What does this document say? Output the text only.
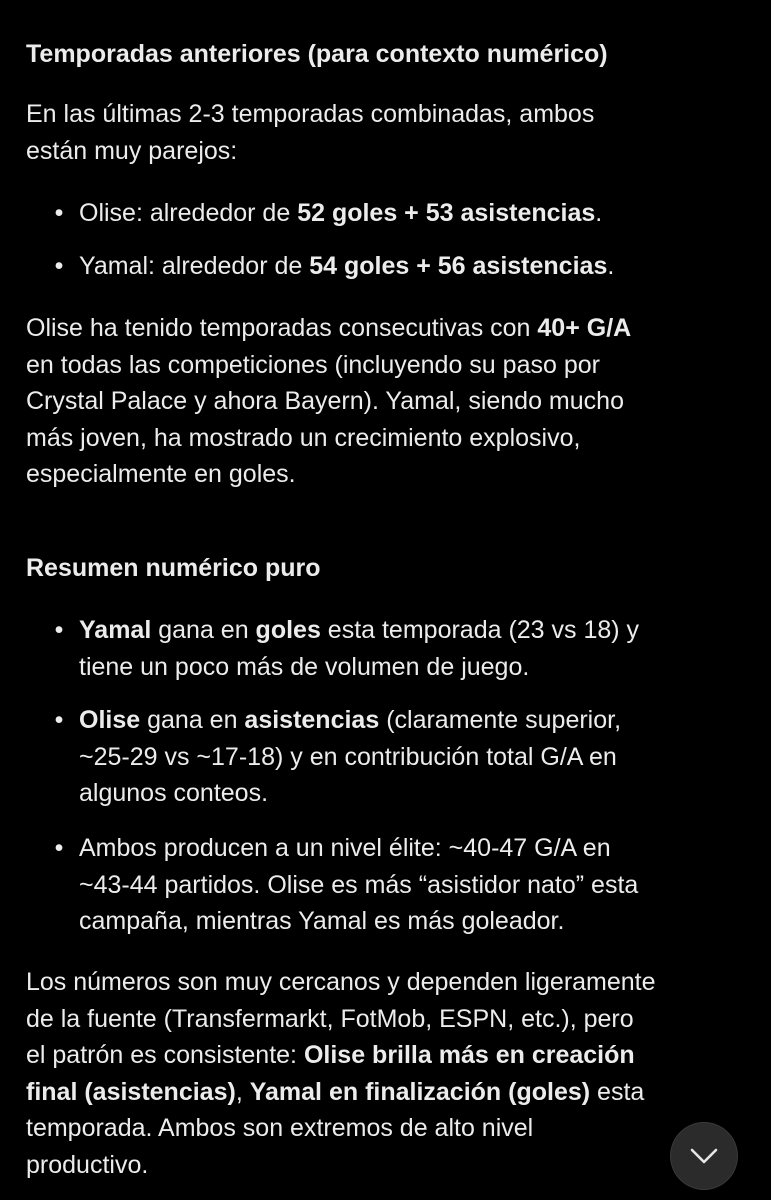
Temporadas anteriores (para contexto numérico)
En las últimas 2-3 temporadas combinadas, ambos
están muy parejos:
• Olise: alrededor de 52 goles + 53 asistencias.
• Yamal: alrededor de 54 goles + 56 asistencias.
Olise ha tenido temporadas consecutivas con 40+ G/A
en todas las competiciones (incluyendo su paso por
Crystal Palace y ahora Bayern). Yamal, siendo mucho
más joven, ha mostrado un crecimiento explosivo,
especialmente en goles.
Resumen numérico puro
• Yamal gana en goles esta temporada (23 vs 18) y
tiene un poco más de volumen de juego.
• Olise gana en asistencias (claramente superior,
~25-29 vs ~17-18) y en contribución total G/A en
algunos conteos.
• Ambos producen a un nivel élite: ~40-47 G/A en
~43-44 partidos. Olise es más “asistidor nato” esta
campaña, mientras Yamal es más goleador.
Los números son muy cercanos y dependen ligeramente
de la fuente (Transfermarkt, FotMob, ESPN, etc.), pero
el patrón es consistente: Olise brilla más en creación
final (asistencias), Yamal en finalización (goles) esta
temporada. Ambos son extremos de alto nivel
productivo.
